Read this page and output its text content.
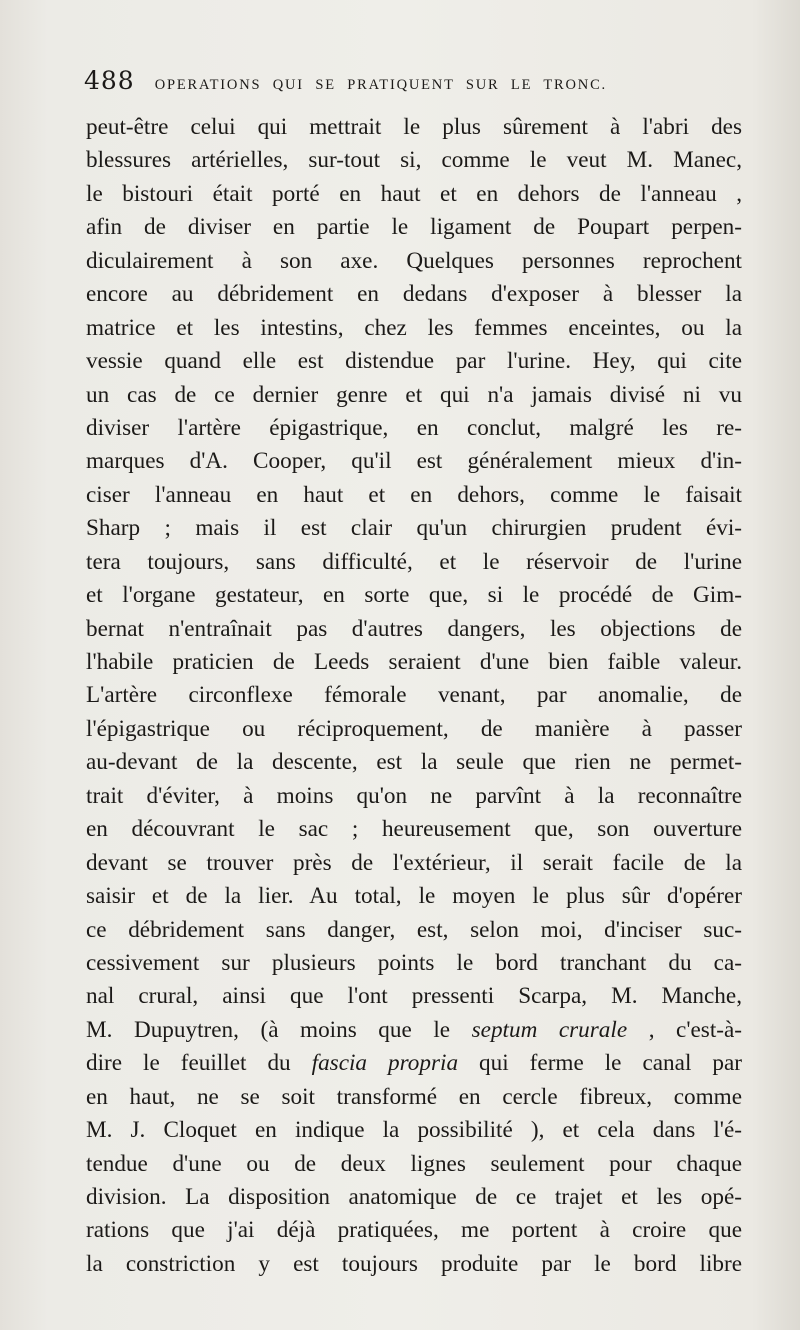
488 OPERATIONS QUI SE PRATIQUENT SUR LE TRONC.
peut-être celui qui mettrait le plus sûrement à l'abri des
blessures artérielles, sur-tout si, comme le veut M. Manec,
le bistouri était porté en haut et en dehors de l'anneau ,
afin de diviser en partie le ligament de Poupart perpen-
diculairement à son axe. Quelques personnes reprochent
encore au débridement en dedans d'exposer à blesser la
matrice et les intestins, chez les femmes enceintes, ou la
vessie quand elle est distendue par l'urine. Hey, qui cite
un cas de ce dernier genre et qui n'a jamais divisé ni vu
diviser l'artère épigastrique, en conclut, malgré les re-
marques d'A. Cooper, qu'il est généralement mieux d'in-
ciser l'anneau en haut et en dehors, comme le faisait
Sharp ; mais il est clair qu'un chirurgien prudent évi-
tera toujours, sans difficulté, et le réservoir de l'urine
et l'organe gestateur, en sorte que, si le procédé de Gim-
bernat n'entraînait pas d'autres dangers, les objections de
l'habile praticien de Leeds seraient d'une bien faible valeur.
L'artère circonflexe fémorale venant, par anomalie, de
l'épigastrique ou réciproquement, de manière à passer
au-devant de la descente, est la seule que rien ne permet-
trait d'éviter, à moins qu'on ne parvînt à la reconnaître
en découvrant le sac ; heureusement que, son ouverture
devant se trouver près de l'extérieur, il serait facile de la
saisir et de la lier. Au total, le moyen le plus sûr d'opérer
ce débridement sans danger, est, selon moi, d'inciser suc-
cessivement sur plusieurs points le bord tranchant du ca-
nal crural, ainsi que l'ont pressenti Scarpa, M. Manche,
M. Dupuytren, (à moins que le septum crurale , c'est-à-
dire le feuillet du fascia propria qui ferme le canal par
en haut, ne se soit transformé en cercle fibreux, comme
M. J. Cloquet en indique la possibilité ), et cela dans l'é-
tendue d'une ou de deux lignes seulement pour chaque
division. La disposition anatomique de ce trajet et les opé-
rations que j'ai déjà pratiquées, me portent à croire que
la constriction y est toujours produite par le bord libre
